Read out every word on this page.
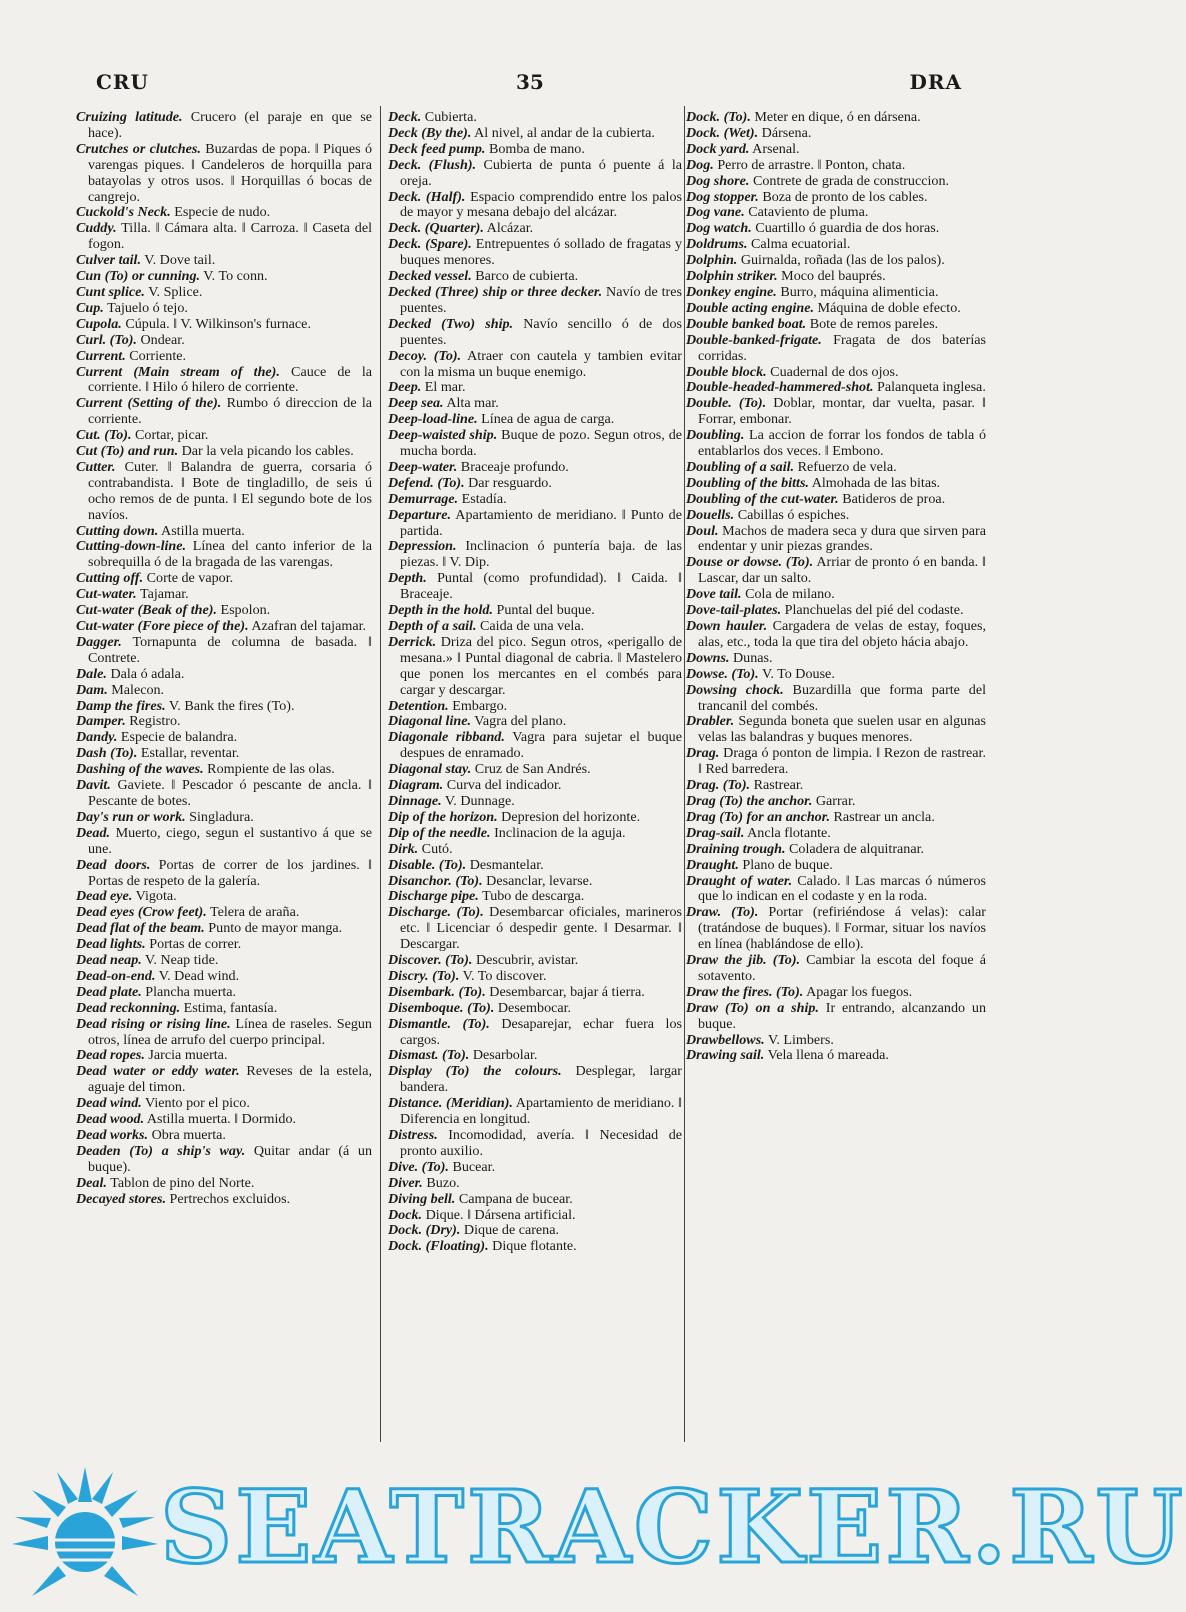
CRU	35	DRA

Cruizing latitude. Crucero (el paraje en que se hace).

Crutches or clutches. Buzardas de popa. ‖ Piques ó varengas piques. ‖ Candeleros de horquilla para batayolas y otros usos. ‖ Horquillas ó bocas de cangrejo.

Cuckold's Neck. Especie de nudo.

Cuddy. Tilla. ‖ Cámara alta. ‖ Carroza. ‖ Caseta del fogon.

Culver tail. V. Dove tail.

Cun (To) or cunning. V. To conn.

Cunt splice. V. Splice.

Cup. Tajuelo ó tejo.

Cupola. Cúpula. ‖ V. Wilkinson's furnace.

Curl. (To). Ondear.

Current. Corriente.

Current (Main stream of the). Cauce de la corriente. ‖ Hilo ó hilero de corriente.

Current (Setting of the). Rumbo ó direccion de la corriente.

Cut. (To). Cortar, picar.

Cut (To) and run. Dar la vela picando los cables.

Cutter. Cuter. ‖ Balandra de guerra, corsaria ó contrabandista. ‖ Bote de tingladillo, de seis ú ocho remos de de punta. ‖ El segundo bote de los navíos.

Cutting down. Astilla muerta.

Cutting-down-line. Línea del canto inferior de la sobrequilla ó de la bragada de las varengas.

Cutting off. Corte de vapor.

Cut-water. Tajamar.

Cut-water (Beak of the). Espolon.

Cut-water (Fore piece of the). Azafran del tajamar.

Dagger. Tornapunta de columna de basada. ‖ Contrete.

Dale. Dala ó adala.

Dam. Malecon.

Damp the fires. V. Bank the fires (To).

Damper. Registro.

Dandy. Especie de balandra.

Dash (To). Estallar, reventar.

Dashing of the waves. Rompiente de las olas.

Davit. Gaviete. ‖ Pescador ó pescante de ancla. ‖ Pescante de botes.

Day's run or work. Singladura.

Dead. Muerto, ciego, segun el sustantivo á que se une.

Dead doors. Portas de correr de los jardines. ‖ Portas de respeto de la galería.

Dead eye. Vigota.

Dead eyes (Crow feet). Telera de araña.

Dead flat of the beam. Punto de mayor manga.

Dead lights. Portas de correr.

Dead neap. V. Neap tide.

Dead-on-end. V. Dead wind.

Dead plate. Plancha muerta.

Dead reckonning. Estima, fantasía.

Dead rising or rising line. Línea de raseles. Segun otros, línea de arrufo del cuerpo principal.

Dead ropes. Jarcia muerta.

Dead water or eddy water. Reveses de la estela, aguaje del timon.

Dead wind. Viento por el pico.

Dead wood. Astilla muerta. ‖ Dormido.

Dead works. Obra muerta.

Deaden (To) a ship's way. Quitar andar (á un buque).

Deal. Tablon de pino del Norte.

Decayed stores. Pertrechos excluidos.

Deck. Cubierta.

Deck (By the). Al nivel, al andar de la cubierta.

Deck feed pump. Bomba de mano.

Deck. (Flush). Cubierta de punta ó puente á la oreja.

Deck. (Half). Espacio comprendido entre los palos de mayor y mesana debajo del alcázar.

Deck. (Quarter). Alcázar.

Deck. (Spare). Entrepuentes ó sollado de fragatas y buques menores.

Decked vessel. Barco de cubierta.

Decked (Three) ship or three decker. Navío de tres puentes.

Decked (Two) ship. Navío sencillo ó de dos puentes.

Decoy. (To). Atraer con cautela y tambien evitar con la misma un buque enemigo.

Deep. El mar.

Deep sea. Alta mar.

Deep-load-line. Línea de agua de carga.

Deep-waisted ship. Buque de pozo. Segun otros, de mucha borda.

Deep-water. Braceaje profundo.

Defend. (To). Dar resguardo.

Demurrage. Estadía.

Departure. Apartamiento de meridiano. ‖ Punto de partida.

Depression. Inclinacion ó puntería baja. de las piezas. ‖ V. Dip.

Depth. Puntal (como profundidad). ‖ Caida. ‖ Braceaje.

Depth in the hold. Puntal del buque.

Depth of a sail. Caida de una vela.

Derrick. Driza del pico. Segun otros, «perigallo de mesana.» ‖ Puntal diagonal de cabria. ‖ Mastelero que ponen los mercantes en el combés para cargar y descargar.

Detention. Embargo.

Diagonal line. Vagra del plano.

Diagonale ribband. Vagra para sujetar el buque despues de enramado.

Diagonal stay. Cruz de San Andrés.

Diagram. Curva del indicador.

Dinnage. V. Dunnage.

Dip of the horizon. Depresion del horizonte.

Dip of the needle. Inclinacion de la aguja.

Dirk. Cutó.

Disable. (To). Desmantelar.

Disanchor. (To). Desanclar, levarse.

Discharge pipe. Tubo de descarga.

Discharge. (To). Desembarcar oficiales, marineros etc. ‖ Licenciar ó despedir gente. ‖ Desarmar. ‖ Descargar.

Discover. (To). Descubrir, avistar.

Discry. (To). V. To discover.

Disembark. (To). Desembarcar, bajar á tierra.

Disemboque. (To). Desembocar.

Dismantle. (To). Desaparejar, echar fuera los cargos.

Dismast. (To). Desarbolar.

Display (To) the colours. Desplegar, largar bandera.

Distance. (Meridian). Apartamiento de meridiano. ‖ Diferencia en longitud.

Distress. Incomodidad, avería. ‖ Necesidad de pronto auxilio.

Dive. (To). Bucear.

Diver. Buzo.

Diving bell. Campana de bucear.

Dock. Dique. ‖ Dársena artificial.

Dock. (Dry). Dique de carena.

Dock. (Floating). Dique flotante.

Dock. (To). Meter en dique, ó en dársena.

Dock. (Wet). Dársena.

Dock yard. Arsenal.

Dog. Perro de arrastre. ‖ Ponton, chata.

Dog shore. Contrete de grada de construccion.

Dog stopper. Boza de pronto de los cables.

Dog vane. Cataviento de pluma.

Dog watch. Cuartillo ó guardia de dos horas.

Doldrums. Calma ecuatorial.

Dolphin. Guirnalda, roñada (las de los palos).

Dolphin striker. Moco del bauprés.

Donkey engine. Burro, máquina alimenticia.

Double acting engine. Máquina de doble efecto.

Double banked boat. Bote de remos pareles.

Double-banked-frigate. Fragata de dos baterías corridas.

Double block. Cuadernal de dos ojos.

Double-headed-hammered-shot. Palanqueta inglesa.

Double. (To). Doblar, montar, dar vuelta, pasar. ‖ Forrar, embonar.

Doubling. La accion de forrar los fondos de tabla ó entablarlos dos veces. ‖ Embono.

Doubling of a sail. Refuerzo de vela.

Doubling of the bitts. Almohada de las bitas.

Doubling of the cut-water. Batideros de proa.

Douells. Cabillas ó espiches.

Doul. Machos de madera seca y dura que sirven para endentar y unir piezas grandes.

Douse or dowse. (To). Arriar de pronto ó en banda. ‖ Lascar, dar un salto.

Dove tail. Cola de milano.

Dove-tail-plates. Planchuelas del pié del codaste.

Down hauler. Cargadera de velas de estay, foques, alas, etc., toda la que tira del objeto hácia abajo.

Downs. Dunas.

Dowse. (To). V. To Douse.

Dowsing chock. Buzardilla que forma parte del trancanil del combés.

Drabler. Segunda boneta que suelen usar en algunas velas las balandras y buques menores.

Drag. Draga ó ponton de limpia. ‖ Rezon de rastrear. ‖ Red barredera.

Drag. (To). Rastrear.

Drag (To) the anchor. Garrar.

Drag (To) for an anchor. Rastrear un ancla.

Drag-sail. Ancla flotante.

Draining trough. Coladera de alquitranar.

Draught. Plano de buque.

Draught of water. Calado. ‖ Las marcas ó números que lo indican en el codaste y en la roda.

Draw. (To). Portar (refiriéndose á velas): calar (tratándose de buques). ‖ Formar, situar los navíos en línea (hablándose de ello).

Draw the jib. (To). Cambiar la escota del foque á sotavento.

Draw the fires. (To). Apagar los fuegos.

Draw (To) on a ship. Ir entrando, alcanzando un buque.

Drawbellows. V. Limbers.

Drawing sail. Vela llena ó mareada.

SEATRACKER.RU
